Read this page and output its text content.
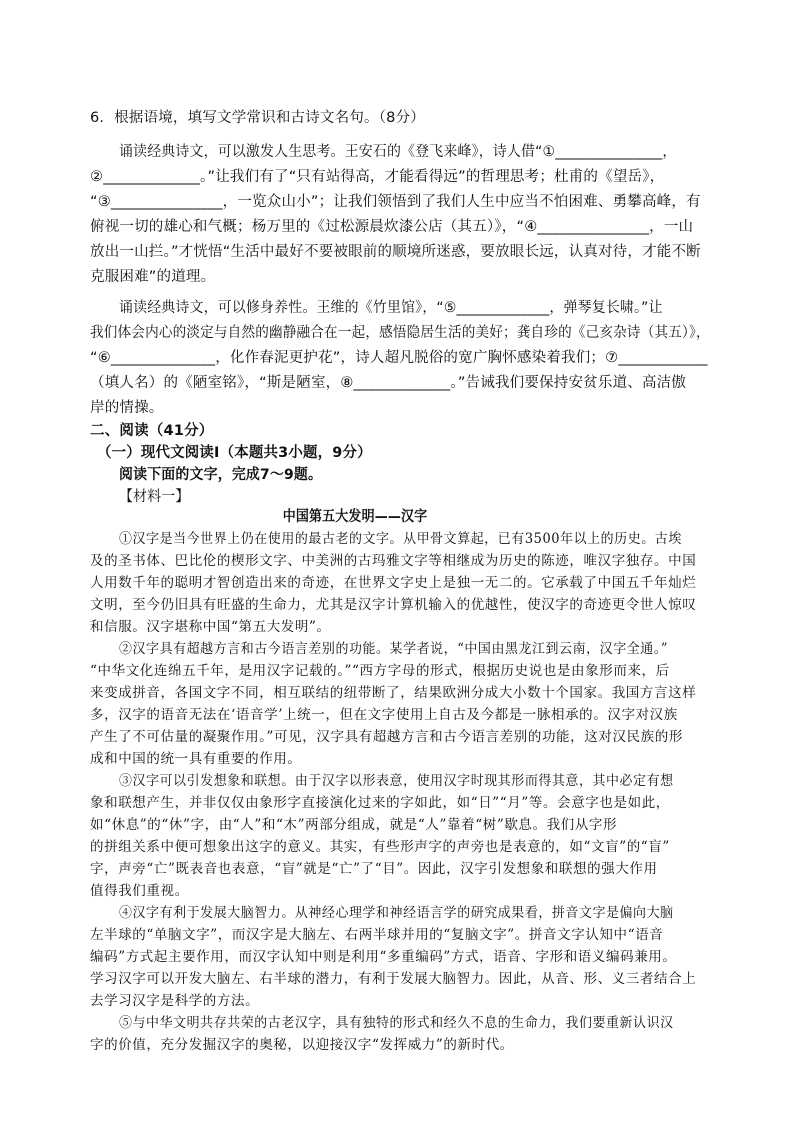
6．根据语境，填写文学常识和古诗文名句。（8分）
诵读经典诗文，可以激发人生思考。王安石的《登飞来峰》，诗人借“①_______________，
②_____________。”让我们有了“只有站得高，才能看得远”的哲理思考；杜甫的《望岳》，
“③_______________，一览众山小”；让我们领悟到了我们人生中应当不怕困难、勇攀高峰，有
俯视一切的雄心和气概；杨万里的《过松源晨炊漆公店（其五）》，“④_______________，一山
放出一山拦。”才恍悟“生活中最好不要被眼前的顺境所迷惑，要放眼长远，认真对待，才能不断
克服困难”的道理。
诵读经典诗文，可以修身养性。王维的《竹里馆》，“⑤_____________，弹琴复长啸。”让
我们体会内心的淡定与自然的幽静融合在一起，感悟隐居生活的美好；龚自珍的《己亥杂诗（其五）》，
“⑥______________，化作春泥更护花”，诗人超凡脱俗的宽广胸怀感染着我们；⑦____________
（填人名）的《陋室铭》，“斯是陋室，⑧_____________。”告诫我们要保持安贫乐道、高洁傲
岸的情操。
二、阅读（41分）
（一）现代文阅读Ⅰ（本题共3小题，9分）
阅读下面的文字，完成7～9题。
【材料一】
中国第五大发明——汉字
①汉字是当今世界上仍在使用的最古老的文字。从甲骨文算起，已有3500年以上的历史。古埃
及的圣书体、巴比伦的楔形文字、中美洲的古玛雅文字等相继成为历史的陈迹，唯汉字独存。中国
人用数千年的聪明才智创造出来的奇迹，在世界文字史上是独一无二的。它承载了中国五千年灿烂
文明，至今仍旧具有旺盛的生命力，尤其是汉字计算机输入的优越性，使汉字的奇迹更令世人惊叹
和信服。汉字堪称中国“第五大发明”。
②汉字具有超越方言和古今语言差别的功能。某学者说，“中国由黑龙江到云南，汉字全通。”
“中华文化连绵五千年，是用汉字记载的。”“西方字母的形式，根据历史说也是由象形而来，后
来变成拼音，各国文字不同，相互联结的纽带断了，结果欧洲分成大小数十个国家。我国方言这样
多，汉字的语音无法在‘语音学’上统一，但在文字使用上自古及今都是一脉相承的。汉字对汉族
产生了不可估量的凝聚作用。”可见，汉字具有超越方言和古今语言差别的功能，这对汉民族的形
成和中国的统一具有重要的作用。
③汉字可以引发想象和联想。由于汉字以形表意，使用汉字时现其形而得其意，其中必定有想
象和联想产生，并非仅仅由象形字直接演化过来的字如此，如“日”“月”等。会意字也是如此，
如“休息”的“休”字，由“人”和“木”两部分组成，就是“人”靠着“树”歇息。我们从字形
的拼组关系中便可想象出这字的意义。其实，有些形声字的声旁也是表意的，如“文盲”的“盲”
字，声旁“亡”既表音也表意，“盲”就是“亡”了“目”。因此，汉字引发想象和联想的强大作用
值得我们重视。
④汉字有利于发展大脑智力。从神经心理学和神经语言学的研究成果看，拼音文字是偏向大脑
左半球的“单脑文字”，而汉字是大脑左、右两半球并用的“复脑文字”。拼音文字认知中“语音
编码”方式起主要作用，而汉字认知中则是利用“多重编码”方式，语音、字形和语义编码兼用。
学习汉字可以开发大脑左、右半球的潜力，有利于发展大脑智力。因此，从音、形、义三者结合上
去学习汉字是科学的方法。
⑤与中华文明共存共荣的古老汉字，具有独特的形式和经久不息的生命力，我们要重新认识汉
字的价值，充分发掘汉字的奥秘，以迎接汉字“发挥威力”的新时代。
